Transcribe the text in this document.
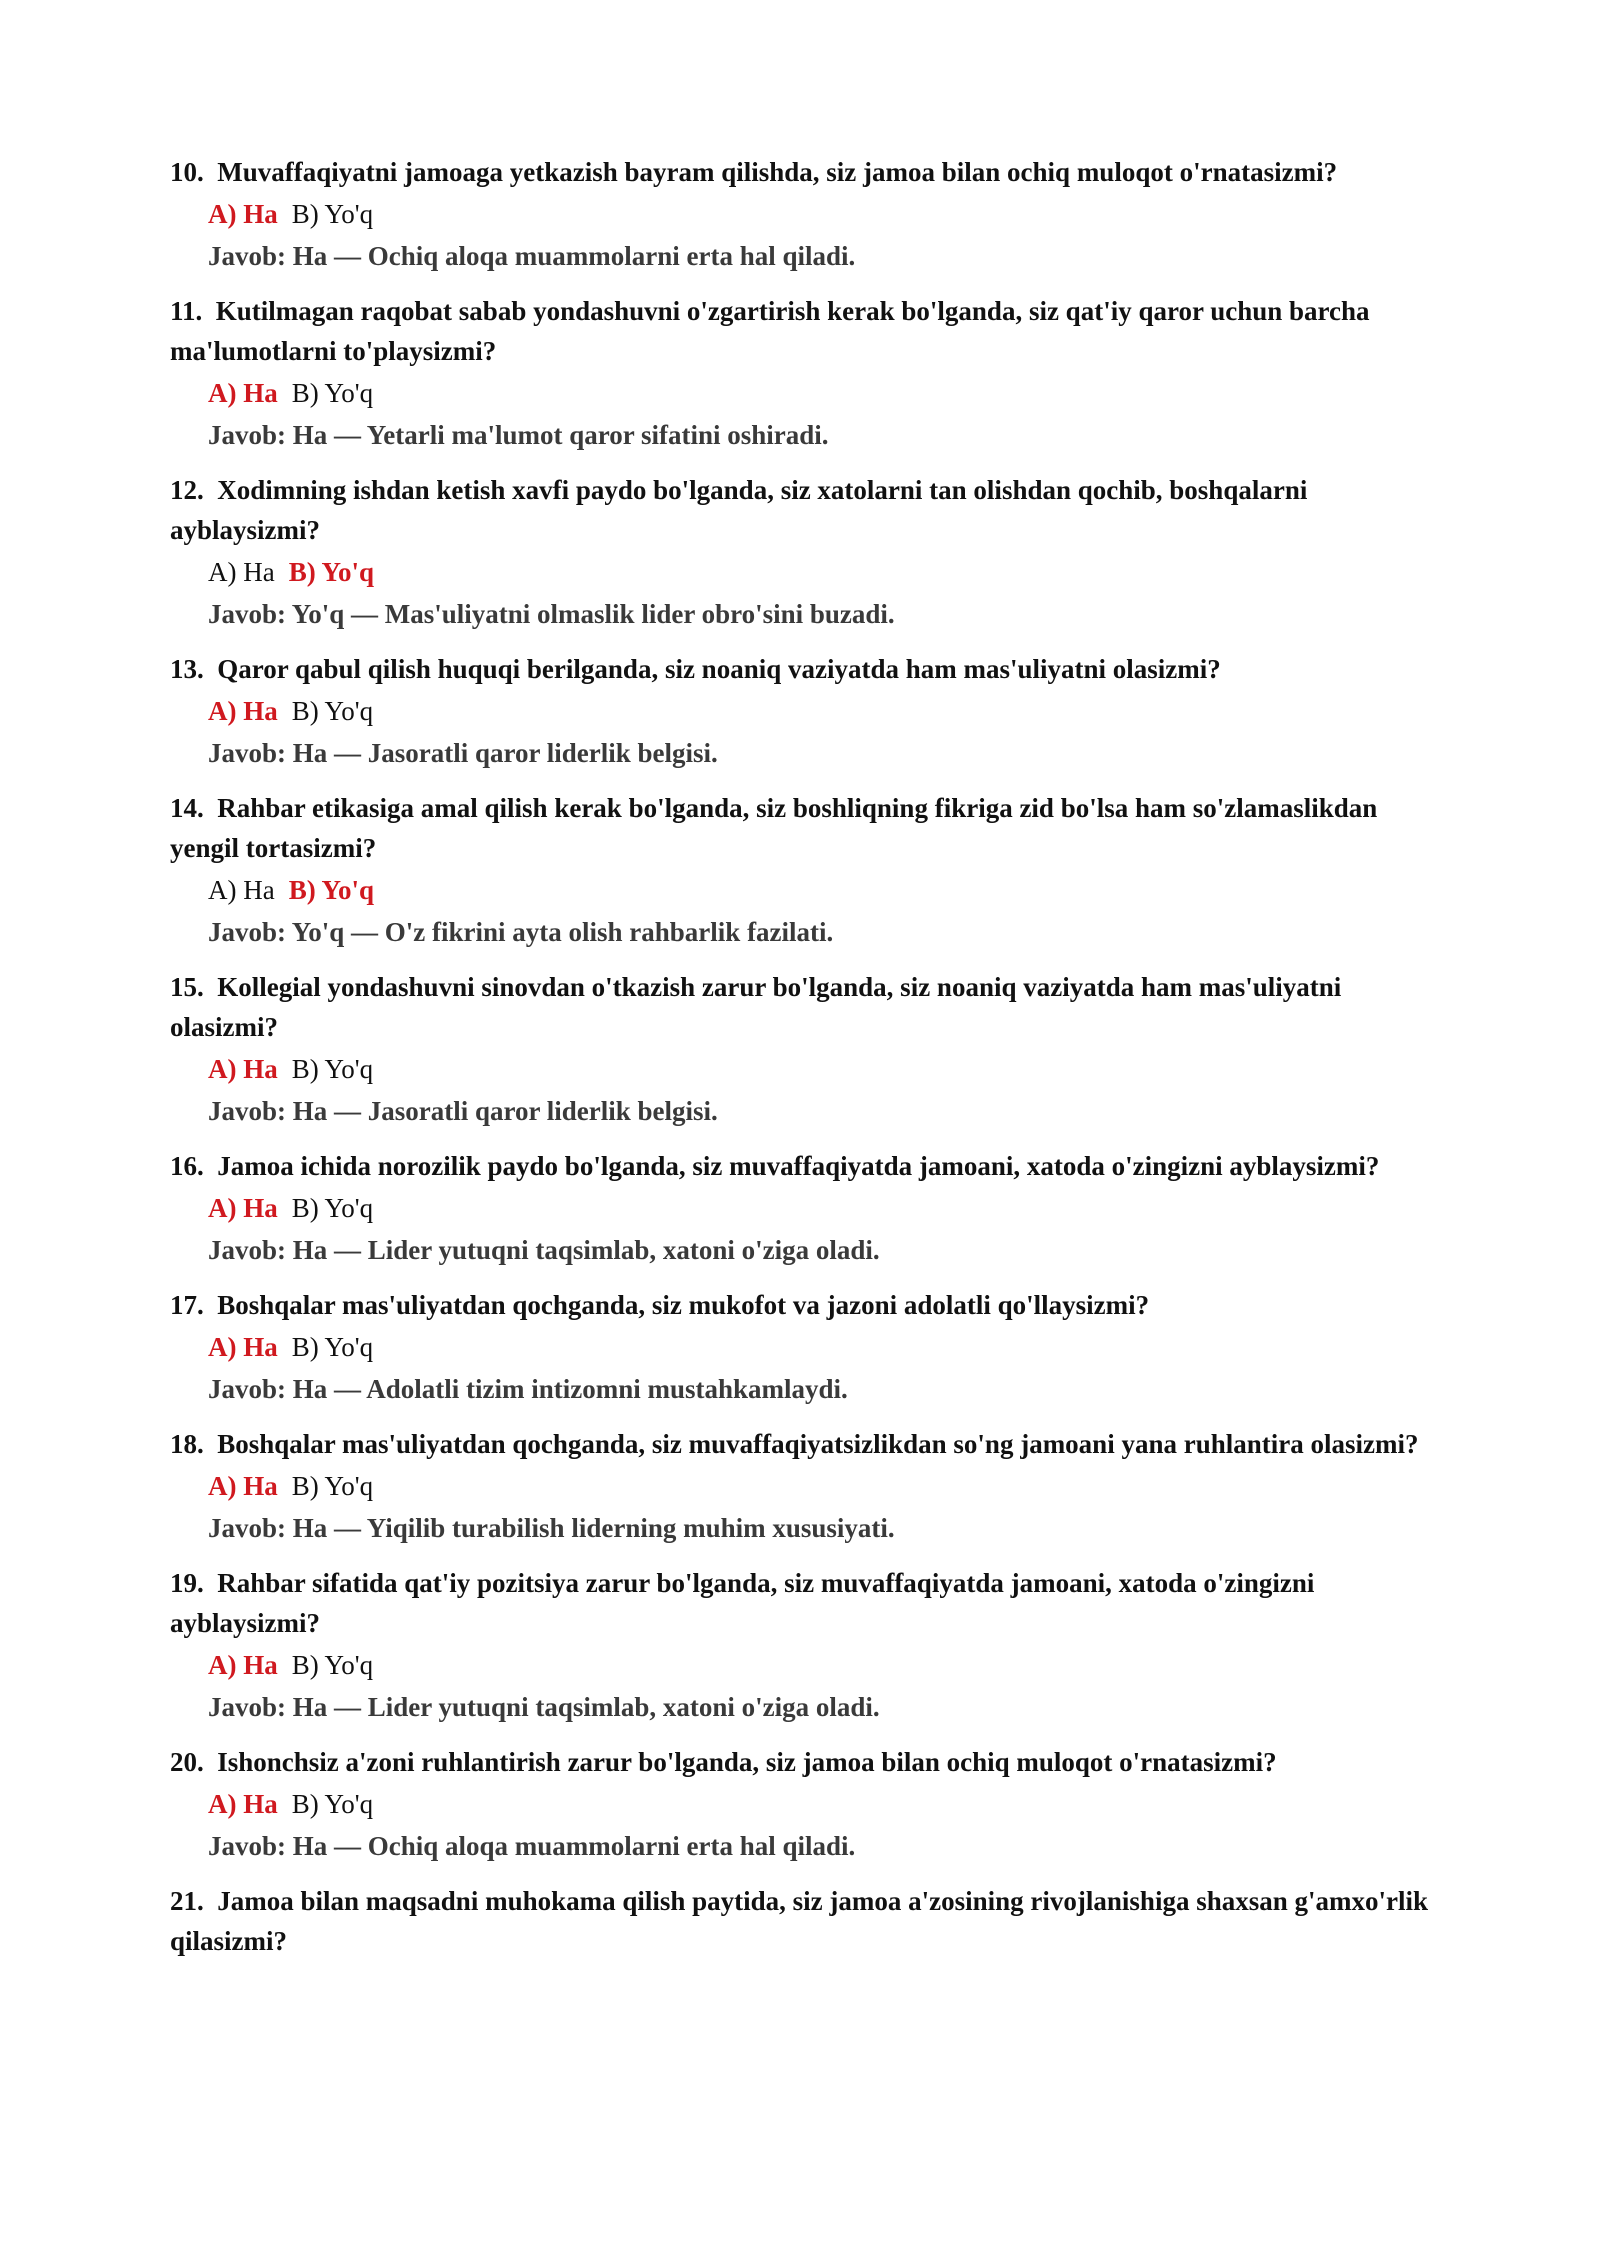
10. Muvaffaqiyatni jamoaga yetkazish bayram qilishda, siz jamoa bilan ochiq muloqot o'rnatasizmi?

A) Ha B) Yo'q
Javob: Ha — Ochiq aloqa muammolarni erta hal qiladi.

11. Kutilmagan raqobat sabab yondashuvni o'zgartirish kerak bo'lganda, siz qat'iy qaror uchun barcha ma'lumotlarni to'playsizmi?

A) Ha B) Yo'q
Javob: Ha — Yetarli ma'lumot qaror sifatini oshiradi.

12. Xodimning ishdan ketish xavfi paydo bo'lganda, siz xatolarni tan olishdan qochib, boshqalarni ayblaysizmi?

A) Ha B) Yo'q
Javob: Yo'q — Mas'uliyatni olmaslik lider obro'sini buzadi.

13. Qaror qabul qilish huquqi berilganda, siz noaniq vaziyatda ham mas'uliyatni olasizmi?

A) Ha B) Yo'q
Javob: Ha — Jasoratli qaror liderlik belgisi.

14. Rahbar etikasiga amal qilish kerak bo'lganda, siz boshliqning fikriga zid bo'lsa ham so'zlamaslikdan yengil tortasizmi?

A) Ha B) Yo'q
Javob: Yo'q — O'z fikrini ayta olish rahbarlik fazilati.

15. Kollegial yondashuvni sinovdan o'tkazish zarur bo'lganda, siz noaniq vaziyatda ham mas'uliyatni olasizmi?

A) Ha B) Yo'q
Javob: Ha — Jasoratli qaror liderlik belgisi.

16. Jamoa ichida norozilik paydo bo'lganda, siz muvaffaqiyatda jamoani, xatoda o'zingizni ayblaysizmi?

A) Ha B) Yo'q
Javob: Ha — Lider yutuqni taqsimlab, xatoni o'ziga oladi.

17. Boshqalar mas'uliyatdan qochganda, siz mukofot va jazoni adolatli qo'llaysizmi?

A) Ha B) Yo'q
Javob: Ha — Adolatli tizim intizomni mustahkamlaydi.

18. Boshqalar mas'uliyatdan qochganda, siz muvaffaqiyatsizlikdan so'ng jamoani yana ruhlantira olasizmi?

A) Ha B) Yo'q
Javob: Ha — Yiqilib turabilish liderning muhim xususiyati.

19. Rahbar sifatida qat'iy pozitsiya zarur bo'lganda, siz muvaffaqiyatda jamoani, xatoda o'zingizni ayblaysizmi?

A) Ha B) Yo'q
Javob: Ha — Lider yutuqni taqsimlab, xatoni o'ziga oladi.

20. Ishonchsiz a'zoni ruhlantirish zarur bo'lganda, siz jamoa bilan ochiq muloqot o'rnatasizmi?

A) Ha B) Yo'q
Javob: Ha — Ochiq aloqa muammolarni erta hal qiladi.

21. Jamoa bilan maqsadni muhokama qilish paytida, siz jamoa a'zosining rivojlanishiga shaxsan g'amxo'rlik qilasizmi?
